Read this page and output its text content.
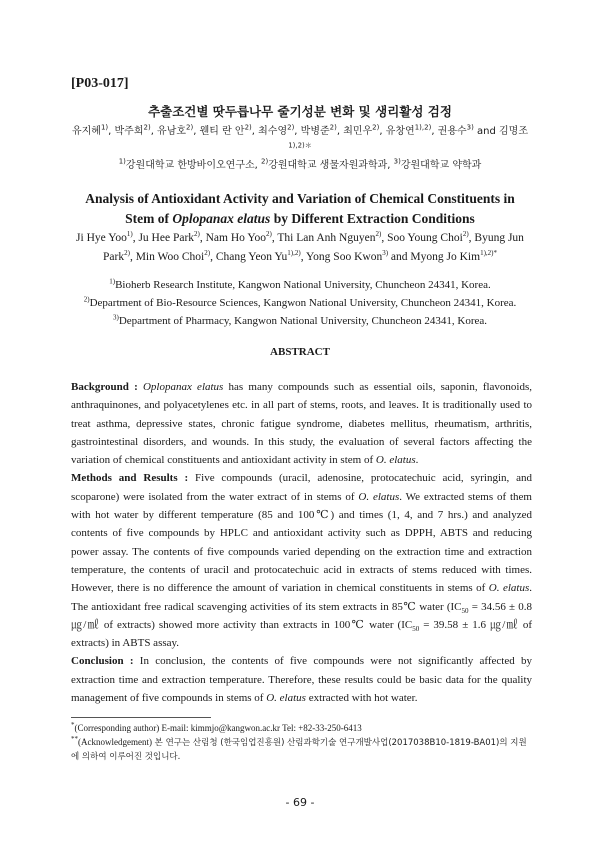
[P03-017]
추출조건별 땃두릅나무 줄기성분 변화 및 생리활성 검정
유지혜$^{1)}$, 박주희$^{2)}$, 유남호$^{2)}$, 웬티 란 안$^{2)}$, 최수영$^{2)}$, 박병준$^{2)}$, 최민우$^{2)}$, 유창연$^{1),2)}$, 권용수$^{3)}$ and 김명조$^{1),2)*}$
$^{1)}$강원대학교 한방바이오연구소, $^{2)}$강원대학교 생물자원과학과, $^{3)}$강원대학교 약학과
Analysis of Antioxidant Activity and Variation of Chemical Constituents in
Stem of Oplopanax elatus by Different Extraction Conditions
Ji Hye Yoo$^{1)}$, Ju Hee Park$^{2)}$, Nam Ho Yoo$^{2)}$, Thi Lan Anh Nguyen$^{2)}$, Soo Young Choi$^{2)}$, Byung Jun Park$^{2)}$, Min Woo Choi$^{2)}$, Chang Yeon $Yu^{1),2)}$, Yong Soo Kwon$^{3)}$ and Myong Jo Kim$^{1),2)*}$
$^{1)}$Bioherb Research Institute, Kangwon National University, Chuncheon 24341, Korea.
$^{2)}$Department of Bio-Resource Sciences, Kangwon National University, Chuncheon 24341, Korea.
$^{3)}$Department of Pharmacy, Kangwon National University, Chuncheon 24341, Korea.
ABSTRACT

Background : Oplopanax elatus has many compounds such as essential oils, saponin, flavonoids, anthraquinones, and polyacetylenes etc. in all part of stems, roots, and leaves. It is traditionally used to treat asthma, depressive states, chronic fatigue syndrome, diabetes mellitus, rheumatism, arthritis, gastrointestinal disorders, and wounds. In this study, the evaluation of several factors affecting the variation of chemical constituents and antioxidant activity in stem of O. elatus.

Methods and Results : Five compounds (uracil, adenosine, protocatechuic acid, syringin, and scoparone) were isolated from the water extract of in stems of O. elatus. We extracted stems of them with hot water by different temperature (85 and 100℃) and times (1, 4, and 7 hrs.) and analyzed contents of five compounds by HPLC and antioxidant activity such as DPPH, ABTS and reducing power assay. The contents of five compounds varied depending on the extraction time and extraction temperature, the contents of uracil and protocatechuic acid in extracts of stems reduced with times. However, there is no difference the amount of variation in chemical constituents in stems of O. elatus. The antioxidant free radical scavenging activities of its stem extracts in 85℃ water ($IC_{50} = 34.56 \pm 0.8$ ㎍/㎖ of extracts) showed more activity than extracts in 100℃ water ($IC_{50} = 39.58 \pm 1.6$ ㎍/㎖ of extracts) in ABTS assay.

Conclusion : In conclusion, the contents of five compounds were not significantly affected by extraction time and extraction temperature. Therefore, these results could be basic data for the quality management of five compounds in stems of O. elatus extracted with hot water.

*(Corresponding author) E-mail: kimmjo@kangwon.ac.kr Tel: +82-33-250-6413
**(Acknowledgement) 본 연구는 산림청 (한국임업진흥원) 산림과학기술 연구개발사업(2017038B10-1819-BA01)의 지원에 의하여 이루어진 것입니다.
- 69 -
